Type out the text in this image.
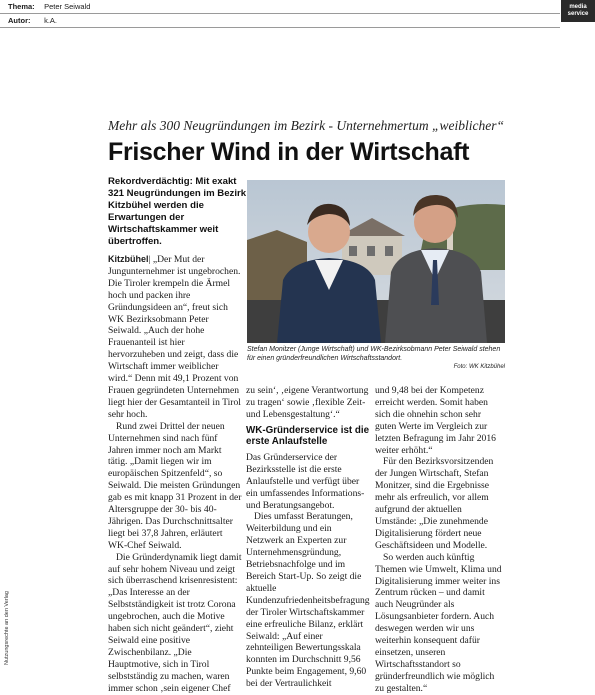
Thema: Peter Seiwald
Autor: k.A.
media
service
Mehr als 300 Neugründungen im Bezirk - Unternehmertum „weiblicher“
Frischer Wind in der Wirtschaft
Rekordverdächtig: Mit exakt 321 Neugründungen im Bezirk Kitzbühel werden die Erwartungen der Wirtschaftskammer weit übertroffen.
Stefan Monitzer (Junge Wirtschaft) und WK-Bezirksobmann Peter Seiwald stehen für einen gründerfreundlichen Wirtschaftsstandort.
Foto: WK Kitzbühel

Kitzbühel| „Der Mut der Jungunternehmer ist ungebrochen. Die Tiroler krempeln die Ärmel hoch und packen ihre Gründungsideen an“, freut sich WK Bezirksobmann Peter Seiwald. „Auch der hohe Frauenanteil ist hier hervorzuheben und zeigt, dass die Wirtschaft immer weiblicher wird.“ Denn mit 49,1 Prozent von Frauen gegründeten Unternehmen liegt hier der Gesamtanteil in Tirol sehr hoch.

Rund zwei Drittel der neuen Unternehmen sind nach fünf Jahren immer noch am Markt tätig. „Damit liegen wir im europäischen Spitzenfeld“, so Seiwald. Die meisten Gründungen gab es mit knapp 31 Prozent in der Altersgruppe der 30- bis 40-Jährigen. Das Durchschnittsalter liegt bei 37,8 Jahren, erläutert WK-Chef Seiwald.

Die Gründerdynamik liegt damit auf sehr hohem Niveau und zeigt sich überraschend krisenresistent: „Das Interesse an der Selbstständigkeit ist trotz Corona ungebrochen, auch die Motive haben sich nicht geändert“, zieht Seiwald eine positive Zwischenbilanz. „Die Hauptmotive, sich in Tirol selbstständig zu machen, waren immer schon ‚sein eigener Chef

zu sein‘, ‚eigene Verantwortung zu tragen‘ sowie ‚flexible Zeit- und Lebensgestaltung‘.“

WK-Gründerservice ist die erste Anlaufstelle

Das Gründerservice der Bezirksstelle ist die erste Anlaufstelle und verfügt über ein umfassendes Informations- und Beratungsangebot.

Dies umfasst Beratungen, Weiterbildung und ein Netzwerk an Experten zur Unternehmensgründung, Betriebsnachfolge und im Bereich Start-Up. So zeigt die aktuelle Kundenzufriedenheitsbefragung der Tiroler Wirtschaftskammer eine erfreuliche Bilanz, erklärt Seiwald: „Auf einer zehnteiligen Bewertungsskala konnten im Durchschnitt 9,56 Punkte beim Engagement, 9,60 bei der Vertraulichkeit

und 9,48 bei der Kompetenz erreicht werden. Somit haben sich die ohnehin schon sehr guten Werte im Vergleich zur letzten Befragung im Jahr 2016 weiter erhöht.“

Für den Bezirksvorsitzenden der Jungen Wirtschaft, Stefan Monitzer, sind die Ergebnisse mehr als erfreulich, vor allem aufgrund der aktuellen Umstände: „Die zunehmende Digitalisierung fördert neue Geschäftsideen und Modelle.

So werden auch künftig Themen wie Umwelt, Klima und Digitalisierung immer weiter ins Zentrum rücken – und damit auch Neugründer als Lösungsanbieter fordern. Auch deswegen werden wir uns weiterhin konsequent dafür einsetzen, unseren Wirtschaftsstandort so gründerfreundlich wie möglich zu gestalten.“

Nutzungsrechte an den Verlag
